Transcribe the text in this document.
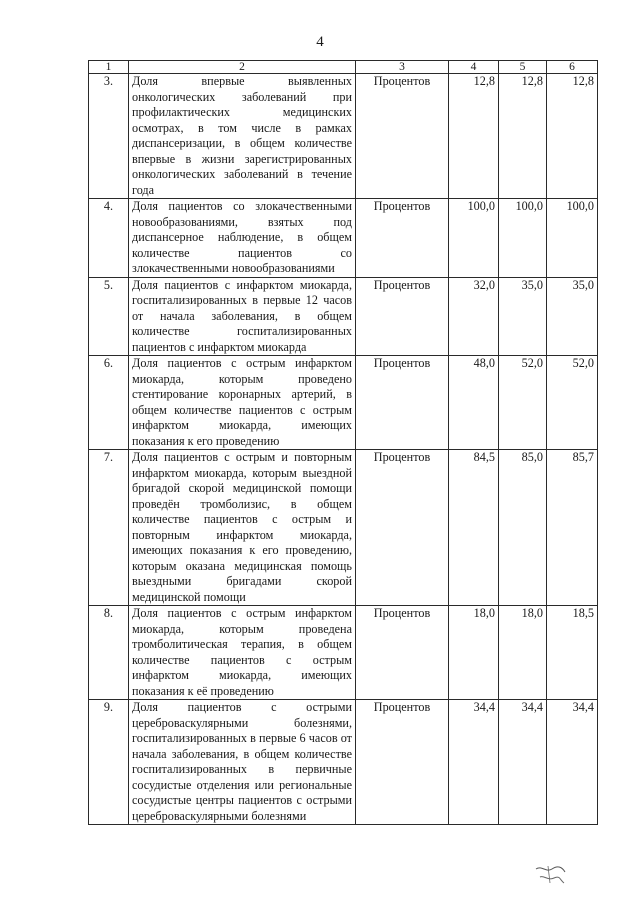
4
1	2	3	4	5	6
3.	Доля впервые выявленных онкологических заболеваний при профилактических медицинских осмотрах, в том числе в рамках диспансеризации, в общем количестве впервые в жизни зарегистрированных онкологических заболеваний в течение года	Процентов	12,8	12,8	12,8
4.	Доля пациентов со злокачественными новообразованиями, взятых под диспансерное наблюдение, в общем количестве пациентов со злокачественными новообразованиями	Процентов	100,0	100,0	100,0
5.	Доля пациентов с инфарктом миокарда, госпитализированных в первые 12 часов от начала заболевания, в общем количестве госпитализированных пациентов с инфарктом миокарда	Процентов	32,0	35,0	35,0
6.	Доля пациентов с острым инфарктом миокарда, которым проведено стентирование коронарных артерий, в общем количестве пациентов с острым инфарктом миокарда, имеющих показания к его проведению	Процентов	48,0	52,0	52,0
7.	Доля пациентов с острым и повторным инфарктом миокарда, которым выездной бригадой скорой медицинской помощи проведён тромболизис, в общем количестве пациентов с острым и повторным инфарктом миокарда, имеющих показания к его проведению, которым оказана медицинская помощь выездными бригадами скорой медицинской помощи	Процентов	84,5	85,0	85,7
8.	Доля пациентов с острым инфарктом миокарда, которым проведена тромболитическая терапия, в общем количестве пациентов с острым инфарктом миокарда, имеющих показания к её проведению	Процентов	18,0	18,0	18,5
9.	Доля пациентов с острыми цереброваскулярными болезнями, госпитализированных в первые 6 часов от начала заболевания, в общем количестве госпитализированных в первичные сосудистые отделения или региональные сосудистые центры пациентов с острыми цереброваскулярными болезнями	Процентов	34,4	34,4	34,4
